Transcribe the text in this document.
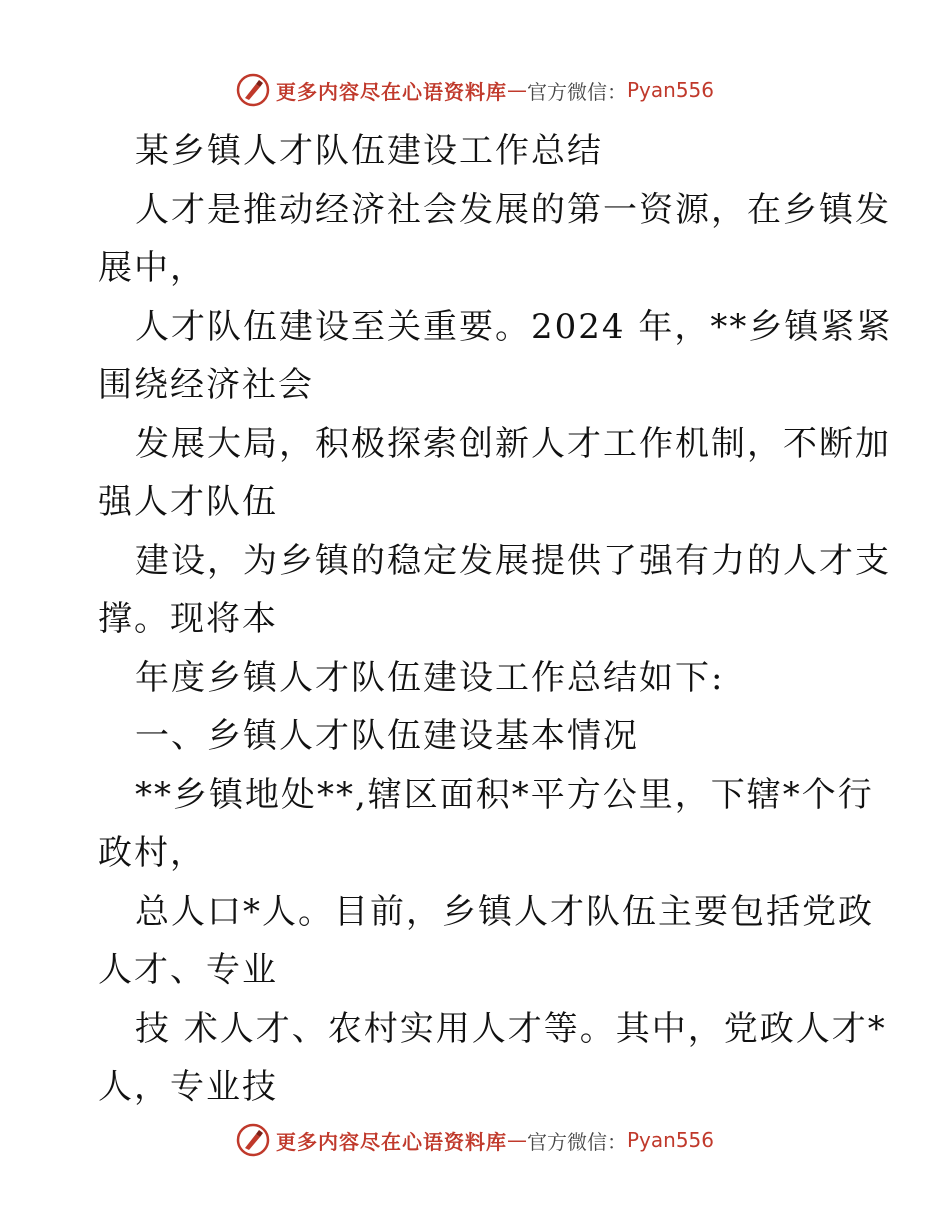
更多内容尽在心语资料库 — 官方微信： Pyan556
某乡镇人才队伍建设工作总结
人才是推动经济社会发展的第一资源，在乡镇发
展中，
人才队伍建设至关重要。2024 年，**乡镇紧紧
围绕经济社会
发展大局，积极探索创新人才工作机制，不断加
强人才队伍
建设，为乡镇的稳定发展提供了强有力的人才支
撑。现将本
年度乡镇人才队伍建设工作总结如下:
一、乡镇人才队伍建设基本情况
**乡镇地处**,辖区面积*平方公里，下辖*个行
政村，
总人口*人。目前，乡镇人才队伍主要包括党政
人才、专业
技 术人才、农村实用人才等。其中，党政人才*
人，专业技
更多内容尽在心语资料库 — 官方微信： Pyan556
